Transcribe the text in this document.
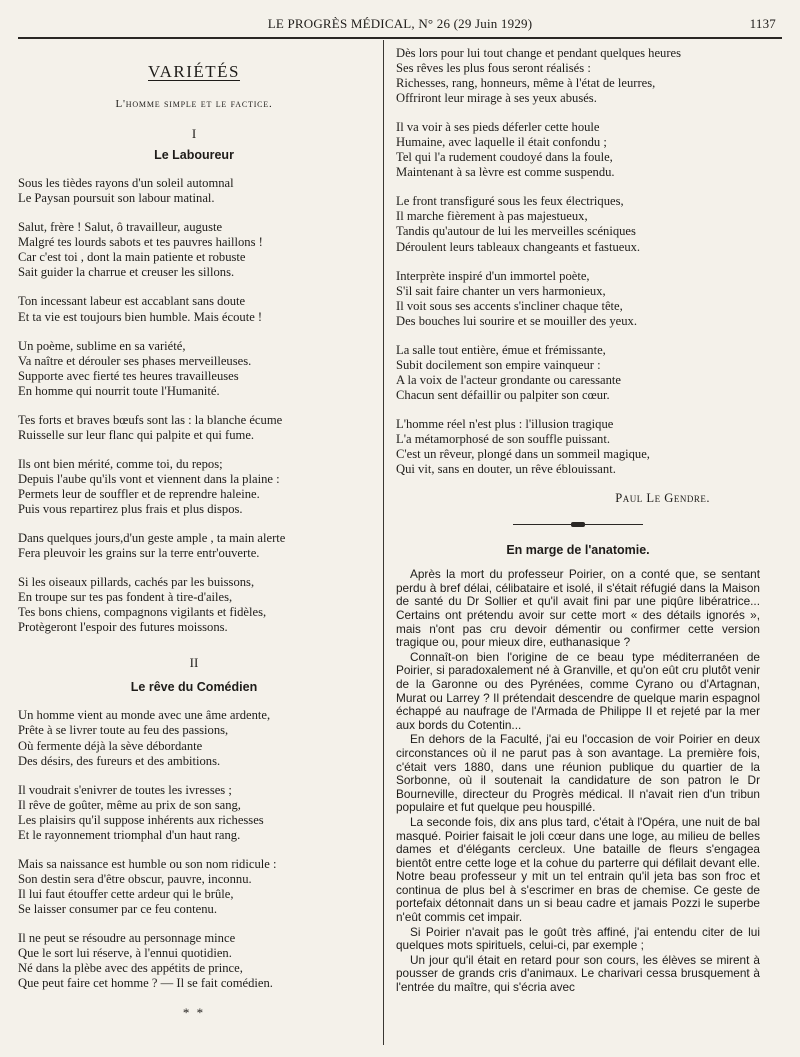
LE PROGRÈS MÉDICAL, N° 26 (29 Juin 1929)	1137
VARIÉTÉS
L'homme simple et le factice.
I
Le Laboureur
Sous les tièdes rayons d'un soleil automnal
Le Paysan poursuit son labour matinal.
Salut, frère ! Salut, ô travailleur, auguste
Malgré tes lourds sabots et tes pauvres haillons !
Car c'est toi , dont la main patiente et robuste
Sait guider la charrue et creuser les sillons.
Ton incessant labeur est accablant sans doute
Et ta vie est toujours bien humble. Mais écoute !
Un poème, sublime en sa variété,
Va naître et dérouler ses phases merveilleuses.
Supporte avec fierté tes heures travailleuses
En homme qui nourrit toute l'Humanité.
Tes forts et braves bœufs sont las : la blanche écume
Ruisselle sur leur flanc qui palpite et qui fume.
Ils ont bien mérité, comme toi, du repos;
Depuis l'aube qu'ils vont et viennent dans la plaine :
Permets leur de souffler et de reprendre haleine.
Puis vous repartirez plus frais et plus dispos.
Dans quelques jours,d'un geste ample , ta main alerte
Fera pleuvoir les grains sur la terre entr'ouverte.
Si les oiseaux pillards, cachés par les buissons,
En troupe sur tes pas fondent à tire-d'ailes,
Tes bons chiens, compagnons vigilants et fidèles,
Protègeront l'espoir des futures moissons.
II
Le rêve du Comédien
Un homme vient au monde avec une âme ardente,
Prête à se livrer toute au feu des passions,
Où fermente déjà la sève débordante
Des désirs, des fureurs et des ambitions.
Il voudrait s'enivrer de toutes les ivresses ;
Il rêve de goûter, même au prix de son sang,
Les plaisirs qu'il suppose inhérents aux richesses
Et le rayonnement triomphal d'un haut rang.
Mais sa naissance est humble ou son nom ridicule :
Son destin sera d'être obscur, pauvre, inconnu.
Il lui faut étouffer cette ardeur qui le brûle,
Se laisser consumer par ce feu contenu.
Il ne peut se résoudre au personnage mince
Que le sort lui réserve, à l'ennui quotidien.
Né dans la plèbe avec des appétits de prince,
Que peut faire cet homme ? — Il se fait comédien.
* *
Dès lors pour lui tout change et pendant quelques heures
Ses rêves les plus fous seront réalisés :
Richesses, rang, honneurs, même à l'état de leurres,
Offriront leur mirage à ses yeux abusés.
Il va voir à ses pieds déferler cette houle
Humaine, avec laquelle il était confondu ;
Tel qui l'a rudement coudoyé dans la foule,
Maintenant à sa lèvre est comme suspendu.
Le front transfiguré sous les feux électriques,
Il marche fièrement à pas majestueux,
Tandis qu'autour de lui les merveilles scéniques
Déroulent leurs tableaux changeants et fastueux.
Interprète inspiré d'un immortel poète,
S'il sait faire chanter un vers harmonieux,
Il voit sous ses accents s'incliner chaque tête,
Des bouches lui sourire et se mouiller des yeux.
La salle tout entière, émue et frémissante,
Subit docilement son empire vainqueur :
A la voix de l'acteur grondante ou caressante
Chacun sent défaillir ou palpiter son cœur.
L'homme réel n'est plus : l'illusion tragique
L'a métamorphosé de son souffle puissant.
C'est un rêveur, plongé dans un sommeil magique,
Qui vit, sans en douter, un rêve éblouissant.
Paul Le Gendre.
En marge de l'anatomie.
Après la mort du professeur Poirier, on a conté que, se sentant perdu à bref délai, célibataire et isolé, il s'était réfugié dans la Maison de santé du Dr Sollier et qu'il avait fini par une piqûre libératrice... Certains ont prétendu avoir sur cette mort « des détails ignorés », mais n'ont pas cru devoir démentir ou confirmer cette version tragique ou, pour mieux dire, euthanasique ?
Connaît-on bien l'origine de ce beau type méditerranéen de Poirier, si paradoxalement né à Granville, et qu'on eût cru plutôt venir de la Garonne ou des Pyrénées, comme Cyrano ou d'Artagnan, Murat ou Larrey ? Il prétendait descendre de quelque marin espagnol échappé au naufrage de l'Armada de Philippe II et rejeté par la mer aux bords du Cotentin...
En dehors de la Faculté, j'ai eu l'occasion de voir Poirier en deux circonstances où il ne parut pas à son avantage. La première fois, c'était vers 1880, dans une réunion publique du quartier de la Sorbonne, où il soutenait la candidature de son patron le Dr Bourneville, directeur du Progrès médical. Il n'avait rien d'un tribun populaire et fut quelque peu houspillé.
La seconde fois, dix ans plus tard, c'était à l'Opéra, une nuit de bal masqué. Poirier faisait le joli cœur dans une loge, au milieu de belles dames et d'élégants cercleux. Une bataille de fleurs s'engagea bientôt entre cette loge et la cohue du parterre qui défilait devant elle. Notre beau professeur y mit un tel entrain qu'il jeta bas son froc et continua de plus bel à s'escrimer en bras de chemise. Ce geste de portefaix détonnait dans un si beau cadre et jamais Pozzi le superbe n'eût commis cet impair.
Si Poirier n'avait pas le goût très affiné, j'ai entendu citer de lui quelques mots spirituels, celui-ci, par exemple ;
Un jour qu'il était en retard pour son cours, les élèves se mirent à pousser de grands cris d'animaux. Le charivari cessa brusquement à l'entrée du maître, qui s'écria avec
